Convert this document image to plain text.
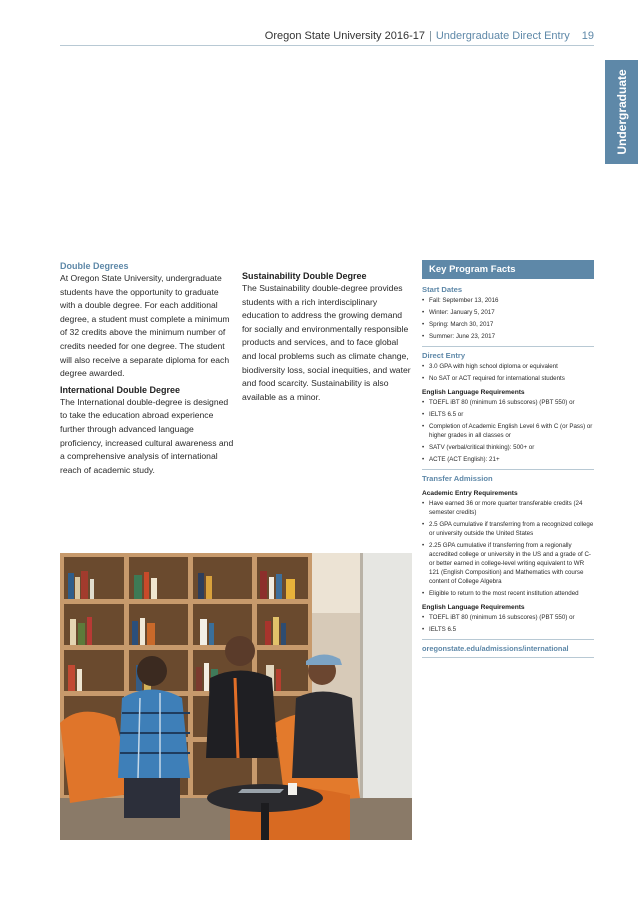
Oregon State University 2016-17 | Undergraduate Direct Entry 19
Undergraduate
Double Degrees

At Oregon State University, undergraduate students have the opportunity to graduate with a double degree. For each additional degree, a student must complete a minimum of 32 credits above the minimum number of credits needed for one degree. The student will also receive a separate diploma for each degree awarded.

International Double Degree

The International double-degree is designed to take the education abroad experience further through advanced language proficiency, increased cultural awareness and a comprehensive analysis of international reach of academic study.

Sustainability Double Degree

The Sustainability double-degree provides students with a rich interdisciplinary education to address the growing demand for socially and environmentally responsible products and services, and to face global and local problems such as climate change, biodiversity loss, social inequities, and water and food scarcity. Sustainability is also available as a minor.

Key Program Facts
Start Dates
• Fall: September 13, 2016
• Winter: January 5, 2017
• Spring: March 30, 2017
• Summer: June 23, 2017
Direct Entry
• 3.0 GPA with high school diploma or equivalent
• No SAT or ACT required for international students
English Language Requirements
• TOEFL iBT 80 (minimum 16 subscores) (PBT 550) or
• IELTS 6.5 or
• Completion of Academic English Level 6 with C (or Pass) or higher grades in all classes or
• SATV (verbal/critical thinking): 500+ or
• ACTE (ACT English): 21+
Transfer Admission
Academic Entry Requirements
• Have earned 36 or more quarter transferable credits (24 semester credits)
• 2.5 GPA cumulative if transferring from a recognized college or university outside the United States
• 2.25 GPA cumulative if transferring from a regionally accredited college or university in the US and a grade of C- or better earned in college-level writing equivalent to WR 121 (English Composition) and Mathematics with course content of College Algebra
• Eligible to return to the most recent institution attended
English Language Requirements
• TOEFL iBT 80 (minimum 16 subscores) (PBT 550) or
• IELTS 6.5
oregonstate.edu/admissions/international
